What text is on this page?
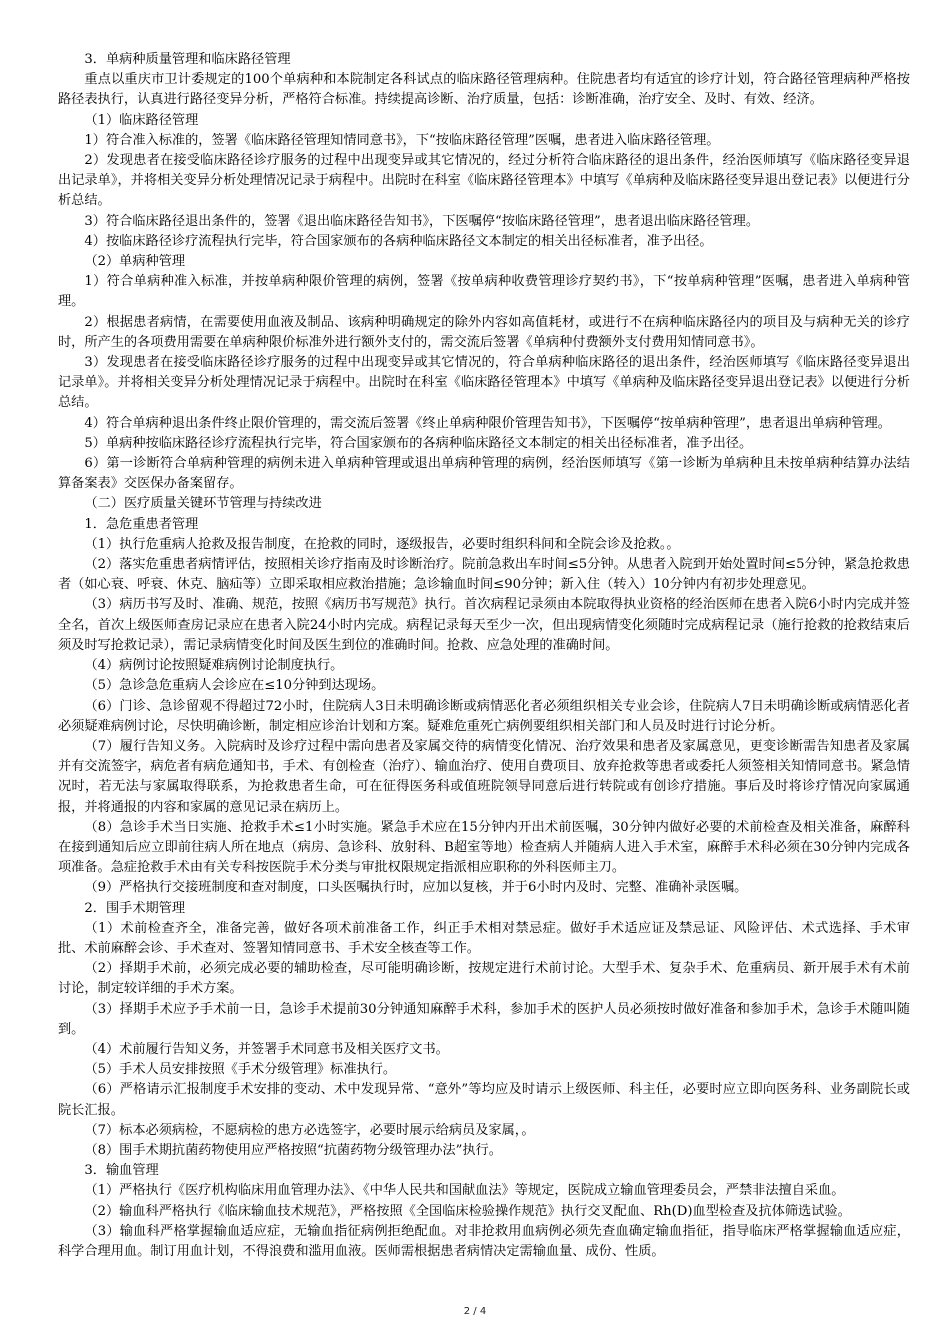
3．单病种质量管理和临床路径管理

重点以重庆市卫计委规定的100个单病种和本院制定各科试点的临床路径管理病种。住院患者均有适宜的诊疗计划，符合路径管理病种严格按路径表执行，认真进行路径变异分析，严格符合标准。持续提高诊断、治疗质量，包括：诊断准确，治疗安全、及时、有效、经济。

（1）临床路径管理

1）符合准入标准的，签署《临床路径管理知情同意书》，下“按临床路径管理”医嘱，患者进入临床路径管理。

2）发现患者在接受临床路径诊疗服务的过程中出现变异或其它情况的，经过分析符合临床路径的退出条件，经治医师填写《临床路径变异退出记录单》，并将相关变异分析处理情况记录于病程中。出院时在科室《临床路径管理本》中填写《单病种及临床路径变异退出登记表》以便进行分析总结。

3）符合临床路径退出条件的，签署《退出临床路径告知书》，下医嘱停“按临床路径管理”，患者退出临床路径管理。

4）按临床路径诊疗流程执行完毕，符合国家颁布的各病种临床路径文本制定的相关出径标准者，准予出径。

（2）单病种管理

1）符合单病种准入标准，并按单病种限价管理的病例，签署《按单病种收费管理诊疗契约书》，下“按单病种管理”医嘱，患者进入单病种管理。

2）根据患者病情，在需要使用血液及制品、该病种明确规定的除外内容如高值耗材，或进行不在病种临床路径内的项目及与病种无关的诊疗时，所产生的各项费用需要在单病种限价标准外进行额外支付的，需交流后签署《单病种付费额外支付费用知情同意书》。

3）发现患者在接受临床路径诊疗服务的过程中出现变异或其它情况的，符合单病种临床路径的退出条件，经治医师填写《临床路径变异退出记录单》。并将相关变异分析处理情况记录于病程中。出院时在科室《临床路径管理本》中填写《单病种及临床路径变异退出登记表》以便进行分析总结。

4）符合单病种退出条件终止限价管理的，需交流后签署《终止单病种限价管理告知书》，下医嘱停“按单病种管理”，患者退出单病种管理。

5）单病种按临床路径诊疗流程执行完毕，符合国家颁布的各病种临床路径文本制定的相关出径标准者，准予出径。

6）第一诊断符合单病种管理的病例未进入单病种管理或退出单病种管理的病例，经治医师填写《第一诊断为单病种且未按单病种结算办法结算备案表》交医保办备案留存。

（二）医疗质量关键环节管理与持续改进

1．急危重患者管理

（1）执行危重病人抢救及报告制度，在抢救的同时，逐级报告，必要时组织科间和全院会诊及抢救。。

（2）落实危重患者病情评估，按照相关诊疗指南及时诊断治疗。院前急救出车时间≤5分钟。从患者入院到开始处置时间≤5分钟，紧急抢救患者（如心衰、呼衰、休克、脑疝等）立即采取相应救治措施；急诊输血时间≤90分钟；新入住（转入）10分钟内有初步处理意见。

（3）病历书写及时、准确、规范，按照《病历书写规范》执行。首次病程记录须由本院取得执业资格的经治医师在患者入院6小时内完成并签全名，首次上级医师查房记录应在患者入院24小时内完成。病程记录每天至少一次，但出现病情变化须随时完成病程记录（施行抢救的抢救结束后须及时写抢救记录），需记录病情变化时间及医生到位的准确时间。抢救、应急处理的准确时间。

（4）病例讨论按照疑难病例讨论制度执行。

（5）急诊急危重病人会诊应在≤10分钟到达现场。

（6）门诊、急诊留观不得超过72小时，住院病人3日未明确诊断或病情恶化者必须组织相关专业会诊，住院病人7日未明确诊断或病情恶化者必须疑难病例讨论，尽快明确诊断，制定相应诊治计划和方案。疑难危重死亡病例要组织相关部门和人员及时进行讨论分析。

（7）履行告知义务。入院病时及诊疗过程中需向患者及家属交待的病情变化情况、治疗效果和患者及家属意见，更变诊断需告知患者及家属并有交流签字，病危者有病危通知书，手术、有创检查（治疗）、输血治疗、使用自费项目、放弃抢救等患者或委托人须签相关知情同意书。紧急情况时，若无法与家属取得联系，为抢救患者生命，可在征得医务科或值班院领导同意后进行转院或有创诊疗措施。事后及时将诊疗情况向家属通报，并将通报的内容和家属的意见记录在病历上。

（8）急诊手术当日实施、抢救手术≤1小时实施。紧急手术应在15分钟内开出术前医嘱，30分钟内做好必要的术前检查及相关准备，麻醉科在接到通知后应立即前往病人所在地点（病房、急诊科、放射科、B超室等地）检查病人并随病人进入手术室，麻醉手术科必须在30分钟内完成各项准备。急症抢救手术由有关专科按医院手术分类与审批权限规定指派相应职称的外科医师主刀。

（9）严格执行交接班制度和查对制度，口头医嘱执行时，应加以复核，并于6小时内及时、完整、准确补录医嘱。

2．围手术期管理

（1）术前检查齐全，准备完善，做好各项术前准备工作，纠正手术相对禁忌症。做好手术适应证及禁忌证、风险评估、术式选择、手术审批、术前麻醉会诊、手术查对、签署知情同意书、手术安全核查等工作。

（2）择期手术前，必须完成必要的辅助检查，尽可能明确诊断，按规定进行术前讨论。大型手术、复杂手术、危重病员、新开展手术有术前讨论，制定较详细的手术方案。

（3）择期手术应予手术前一日，急诊手术提前30分钟通知麻醉手术科，参加手术的医护人员必须按时做好准备和参加手术，急诊手术随叫随到。

（4）术前履行告知义务，并签署手术同意书及相关医疗文书。

（5）手术人员安排按照《手术分级管理》标准执行。

（6）严格请示汇报制度手术安排的变动、术中发现异常、“意外”等均应及时请示上级医师、科主任，必要时应立即向医务科、业务副院长或院长汇报。

（7）标本必须病检，不愿病检的患方必选签字，必要时展示给病员及家属，。

（8）围手术期抗菌药物使用应严格按照“抗菌药物分级管理办法”执行。

3．输血管理

（1）严格执行《医疗机构临床用血管理办法》、《中华人民共和国献血法》等规定，医院成立输血管理委员会，严禁非法擅自采血。

（2）输血科严格执行《临床输血技术规范》，严格按照《全国临床检验操作规范》执行交叉配血、Rh(D)血型检查及抗体筛选试验。

（3）输血科严格掌握输血适应症，无输血指征病例拒绝配血。对非抢救用血病例必须先查血确定输血指征，指导临床严格掌握输血适应症，科学合理用血。制订用血计划，不得浪费和滥用血液。医师需根据患者病情决定需输血量、成份、性质。

2 / 4
